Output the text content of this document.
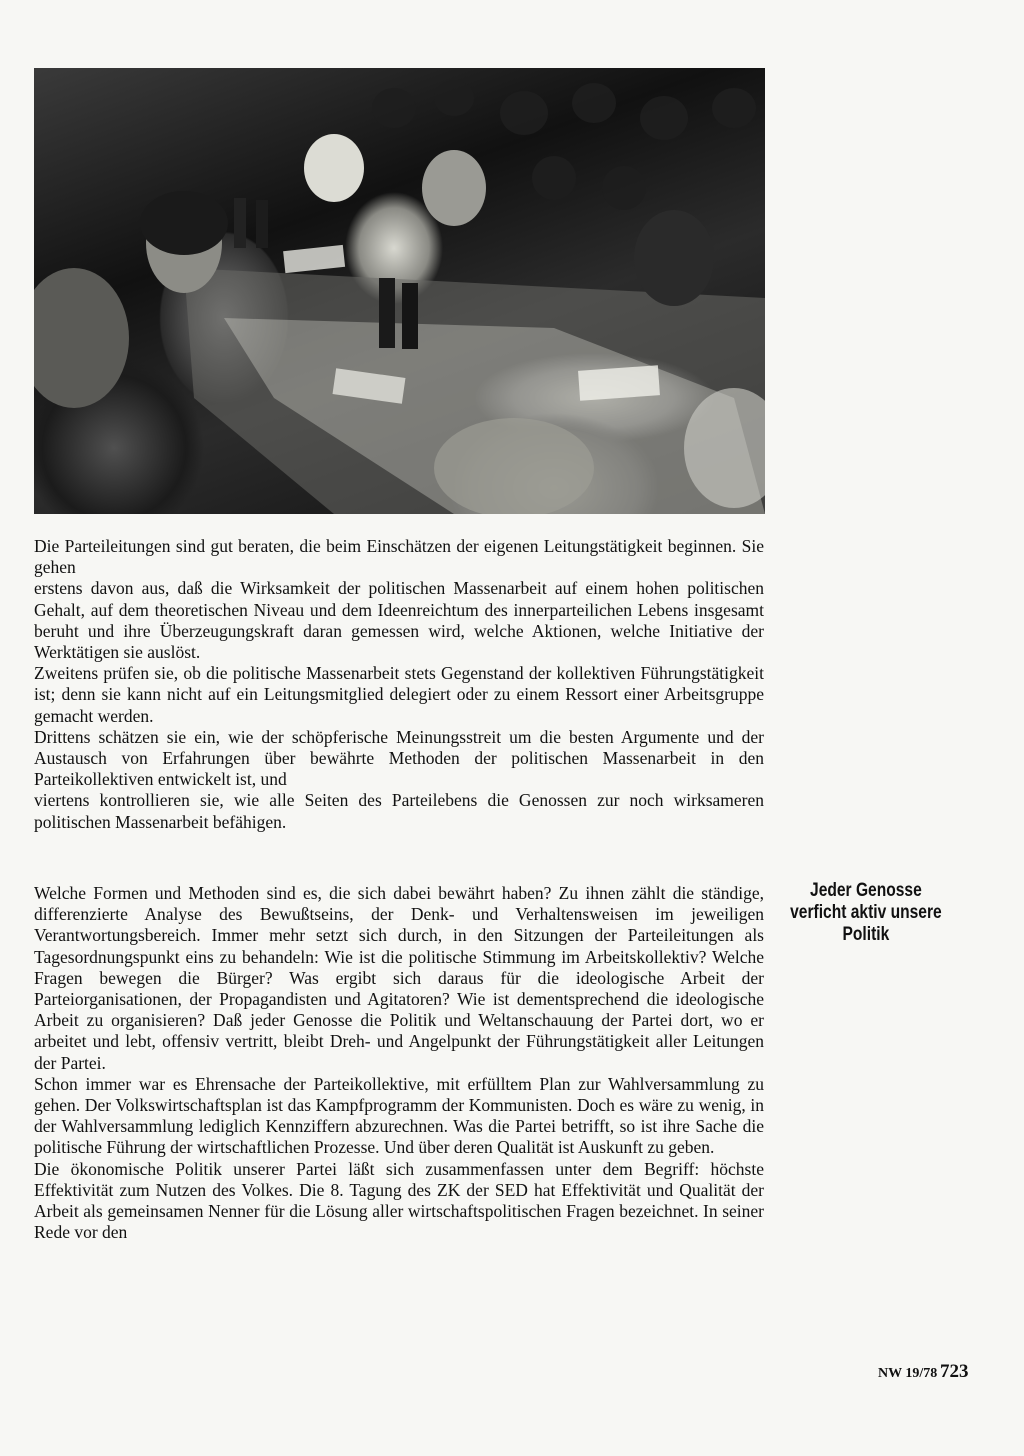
Die Parteileitungen sind gut beraten, die beim Einschätzen der eigenen Leitungstätigkeit beginnen. Sie gehen

erstens davon aus, daß die Wirksamkeit der politischen Massenarbeit auf einem hohen politischen Gehalt, auf dem theoretischen Niveau und dem Ideenreichtum des innerparteilichen Lebens insgesamt beruht und ihre Überzeugungskraft daran gemessen wird, welche Aktionen, welche Initiative der Werktätigen sie auslöst.

Zweitens prüfen sie, ob die politische Massenarbeit stets Gegenstand der kollektiven Führungstätigkeit ist; denn sie kann nicht auf ein Leitungsmitglied delegiert oder zu einem Ressort einer Arbeitsgruppe gemacht werden.

Drittens schätzen sie ein, wie der schöpferische Meinungsstreit um die besten Argumente und der Austausch von Erfahrungen über bewährte Methoden der politischen Massenarbeit in den Parteikollektiven entwickelt ist, und

viertens kontrollieren sie, wie alle Seiten des Parteilebens die Genossen zur noch wirksameren politischen Massenarbeit befähigen.

Jeder Genosse verficht aktiv unsere Politik

Welche Formen und Methoden sind es, die sich dabei bewährt haben? Zu ihnen zählt die ständige, differenzierte Analyse des Bewußtseins, der Denk- und Verhaltensweisen im jeweiligen Verantwortungsbereich. Immer mehr setzt sich durch, in den Sitzungen der Parteileitungen als Tagesordnungspunkt eins zu behandeln: Wie ist die politische Stimmung im Arbeitskollektiv? Welche Fragen bewegen die Bürger? Was ergibt sich daraus für die ideologische Arbeit der Parteiorganisationen, der Propagandisten und Agitatoren? Wie ist dementsprechend die ideologische Arbeit zu organisieren? Daß jeder Genosse die Politik und Weltanschauung der Partei dort, wo er arbeitet und lebt, offensiv vertritt, bleibt Dreh- und Angelpunkt der Führungstätigkeit aller Leitungen der Partei.

Schon immer war es Ehrensache der Parteikollektive, mit erfülltem Plan zur Wahlversammlung zu gehen. Der Volkswirtschaftsplan ist das Kampfprogramm der Kommunisten. Doch es wäre zu wenig, in der Wahlversammlung lediglich Kennziffern abzurechnen. Was die Partei betrifft, so ist ihre Sache die politische Führung der wirtschaftlichen Prozesse. Und über deren Qualität ist Auskunft zu geben.

Die ökonomische Politik unserer Partei läßt sich zusammenfassen unter dem Begriff: höchste Effektivität zum Nutzen des Volkes. Die 8. Tagung des ZK der SED hat Effektivität und Qualität der Arbeit als gemeinsamen Nenner für die Lösung aller wirtschaftspolitischen Fragen bezeichnet. In seiner Rede vor den

NW 19/78 723
